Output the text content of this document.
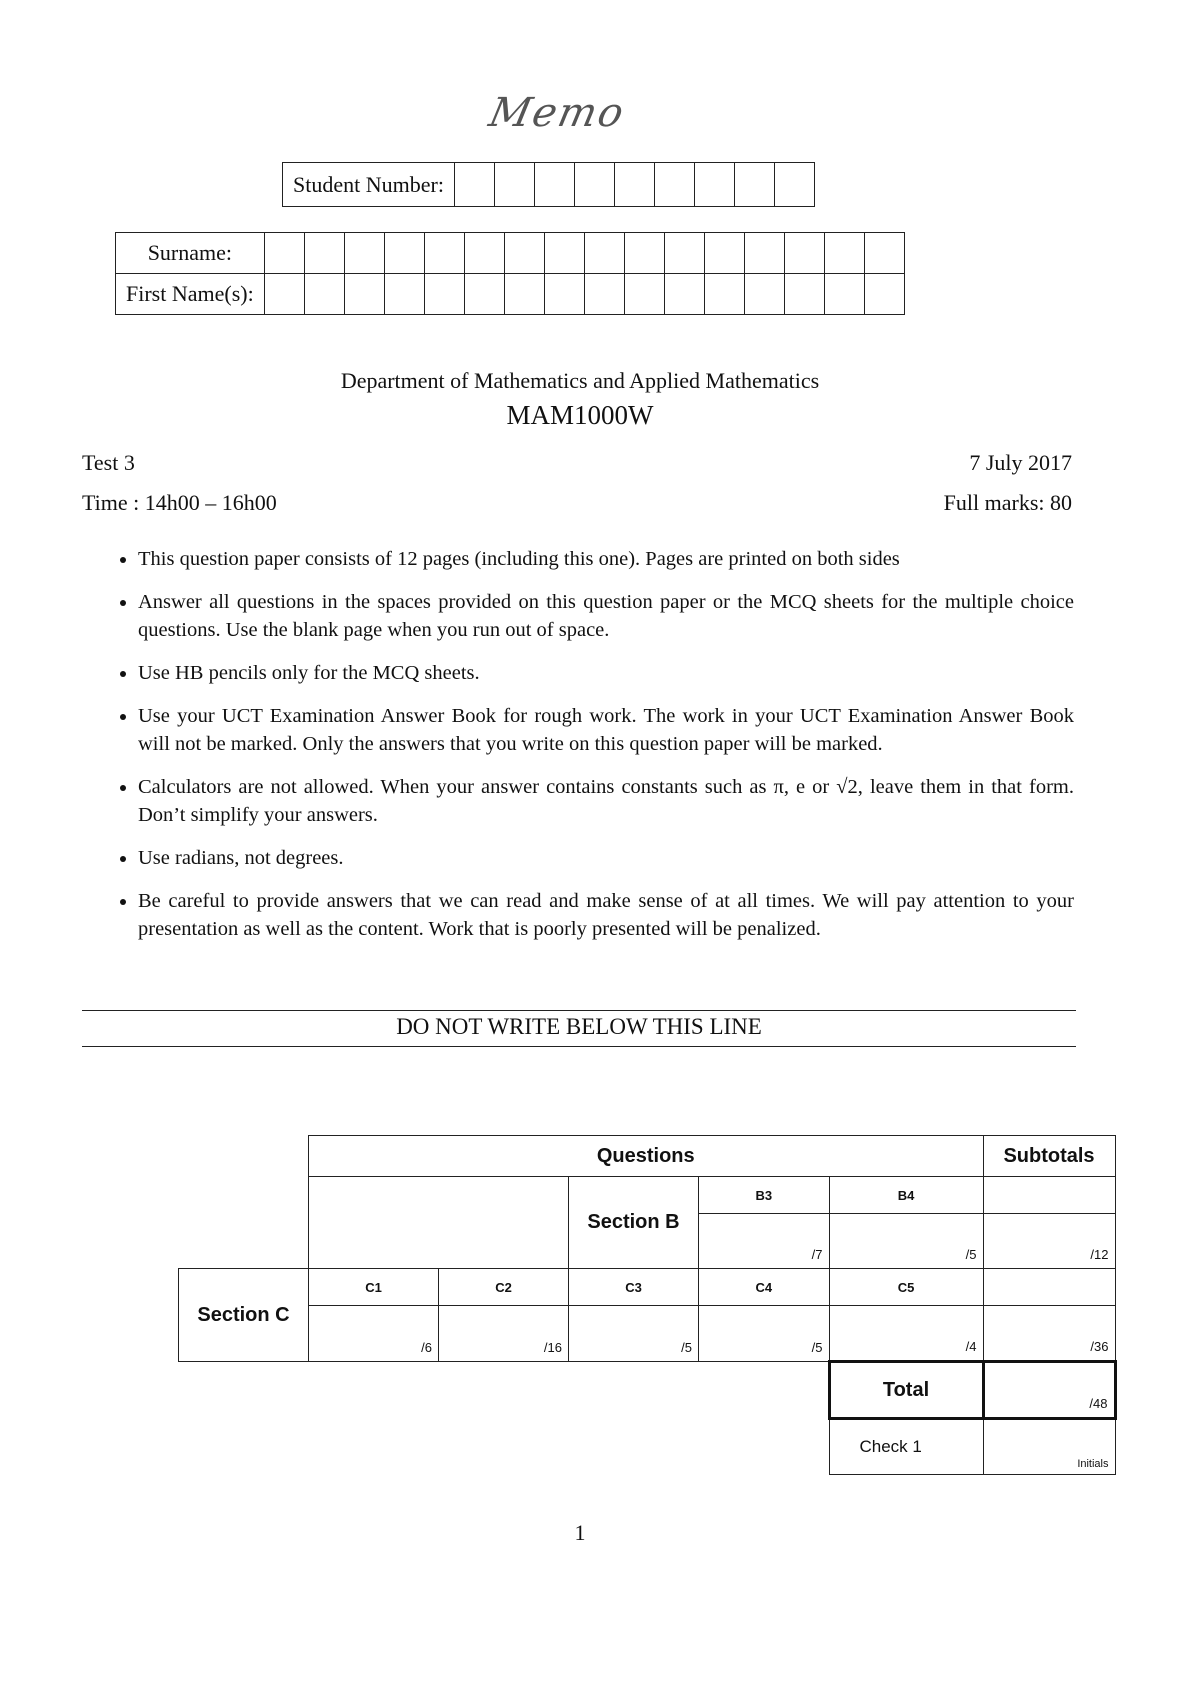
Memo
Student Number:									
Surname:																
First Name(s):																
Department of Mathematics and Applied Mathematics
MAM1000W
Test 3	7 July 2017
Time : 14h00 – 16h00	Full marks: 80
• This question paper consists of 12 pages (including this one). Pages are printed on both sides
• Answer all questions in the spaces provided on this question paper or the MCQ sheets for the multiple choice questions. Use the blank page when you run out of space.
• Use HB pencils only for the MCQ sheets.
• Use your UCT Examination Answer Book for rough work. The work in your UCT Examination Answer Book will not be marked. Only the answers that you write on this question paper will be marked.
• Calculators are not allowed. When your answer contains constants such as π, e or √2, leave them in that form. Don’t simplify your answers.
• Use radians, not degrees.
• Be careful to provide answers that we can read and make sense of at all times. We will pay attention to your presentation as well as the content. Work that is poorly presented will be penalized.
DO NOT WRITE BELOW THIS LINE
	Questions					Subtotals
			Section B	B3	B4	
				/7	/5	/12
Section C	C1	C2	C3	C4	C5	
	/6	/16	/5	/5	/4	/36
					Total	/48
					Check 1	Initials
1
